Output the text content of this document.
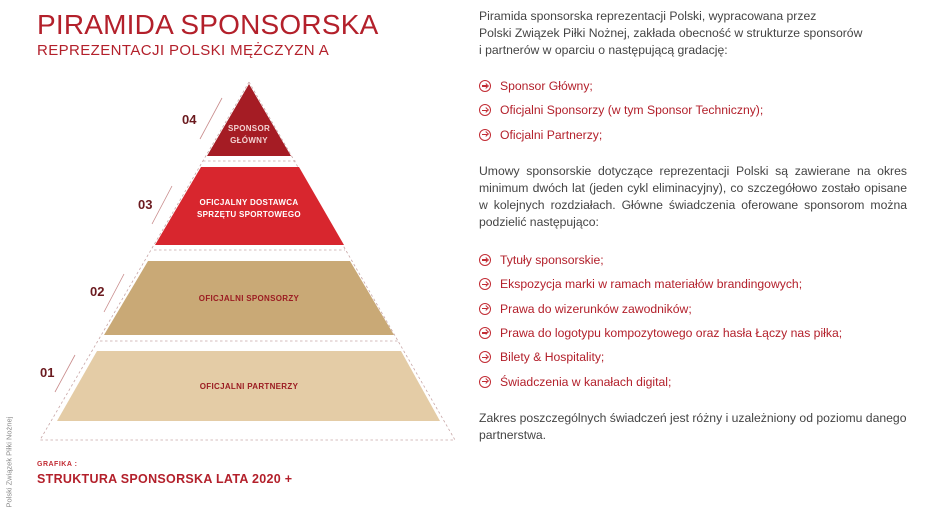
PIRAMIDA SPONSORSKA
REPREZENTACJI POLSKI MĘŻCZYZN A
Polski Związek Piłki Nożnej
SPONSOR
GŁÓWNY
OFICJALNY DOSTAWCA
SPRZĘTU SPORTOWEGO
OFICJALNI SPONSORZY
OFICJALNI PARTNERZY
04
03
02
01
GRAFIKA :
STRUKTURA SPONSORSKA LATA 2020 +

Piramida sponsorska reprezentacji Polski, wypracowana przez

Polski Związek Piłki Nożnej, zakłada obecność w strukturze sponsorów

i partnerów w oparciu o następującą gradację:

Sponsor Główny;
Oficjalni Sponsorzy (w tym Sponsor Techniczny);
Oficjalni Partnerzy;
Umowy sponsorskie dotyczące reprezentacji Polski są zawierane na okres minimum dwóch lat (jeden cykl eliminacyjny), co szczegółowo zostało opisane w kolejnych rozdziałach. Główne świadczenia oferowane sponsorom można podzielić następująco:
Tytuły sponsorskie;
Ekspozycja marki w ramach materiałów brandingowych;
Prawa do wizerunków zawodników;
Prawa do logotypu kompozytowego oraz hasła Łączy nas piłka;
Bilety & Hospitality;
Świadczenia w kanałach digital;

Zakres poszczególnych świadczeń jest różny i uzależniony od poziomu danego

partnerstwa.
